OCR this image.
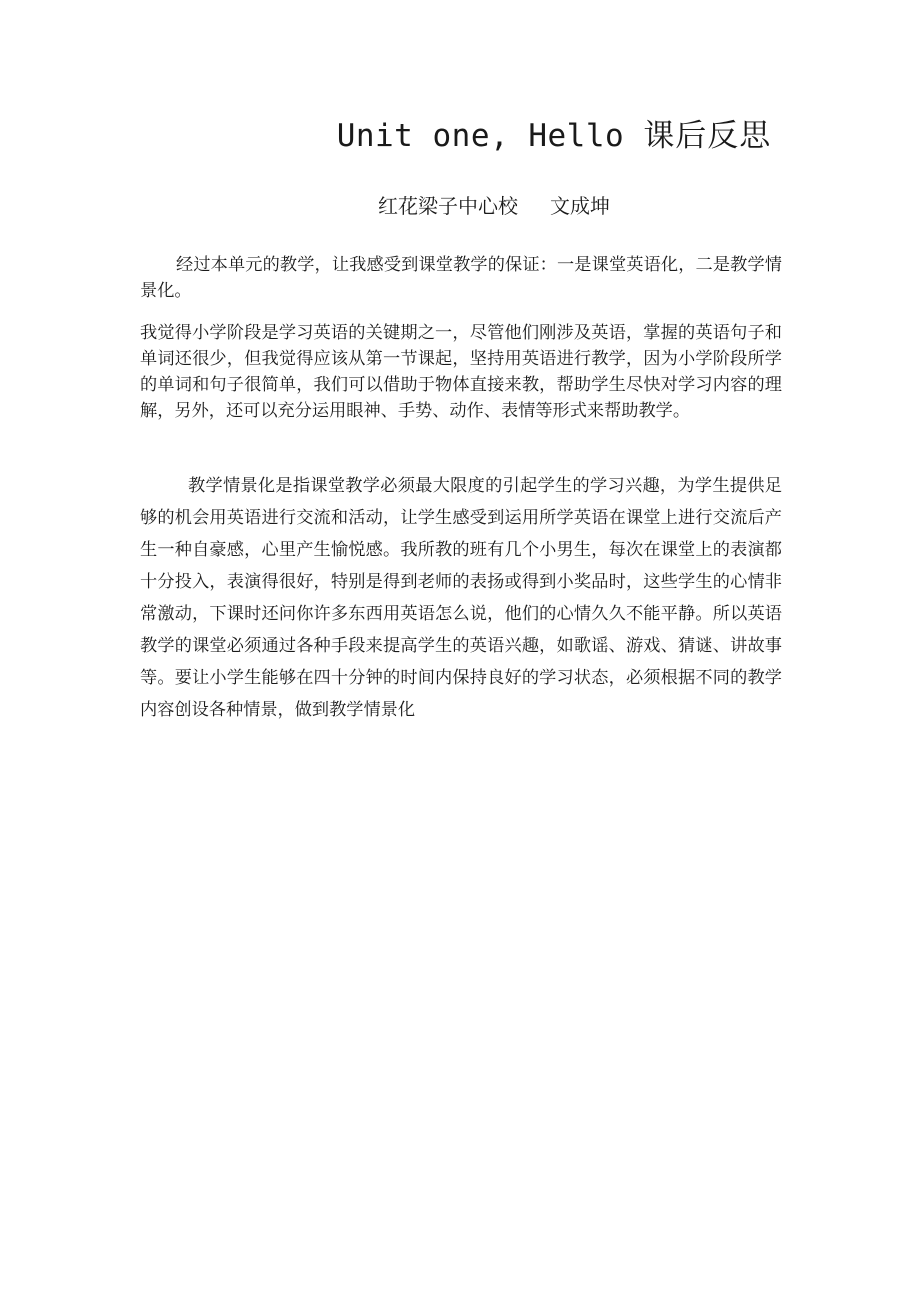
Unit one, Hello 课后反思
红花梁子中心校 文成坤
经过本单元的教学，让我感受到课堂教学的保证：一是课堂英语化，二是教学情景化。
我觉得小学阶段是学习英语的关键期之一，尽管他们刚涉及英语，掌握的英语句子和单词还很少，但我觉得应该从第一节课起，坚持用英语进行教学，因为小学阶段所学的单词和句子很简单，我们可以借助于物体直接来教，帮助学生尽快对学习内容的理解，另外，还可以充分运用眼神、手势、动作、表情等形式来帮助教学。
教学情景化是指课堂教学必须最大限度的引起学生的学习兴趣，为学生提供足够的机会用英语进行交流和活动，让学生感受到运用所学英语在课堂上进行交流后产生一种自豪感，心里产生愉悦感。我所教的班有几个小男生，每次在课堂上的表演都十分投入，表演得很好，特别是得到老师的表扬或得到小奖品时，这些学生的心情非常激动，下课时还问你许多东西用英语怎么说，他们的心情久久不能平静。所以英语教学的课堂必须通过各种手段来提高学生的英语兴趣，如歌谣、游戏、猜谜、讲故事等。要让小学生能够在四十分钟的时间内保持良好的学习状态，必须根据不同的教学内容创设各种情景，做到教学情景化
